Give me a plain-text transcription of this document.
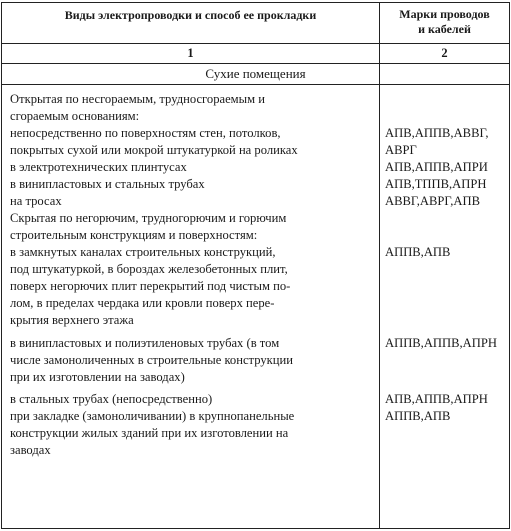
Виды электропроводки и способ ее прокладки	Марки проводов
и кабелей
1	2
Сухие помещения
Открытая по несгораемым, трудносгораемым и
сгораемым основаниям:
непосредственно по поверхностям стен, потолков,
покрытых сухой или мокрой штукатуркой на роликах
в электротехнических плинтусах
в винипластовых и стальных трубах
на тросах
Скрытая по негорючим, трудногорючим и горючим
строительным конструкциям и поверхностям:
в замкнутых каналах строительных конструкций,
под штукатуркой, в бороздах железобетонных плит,
поверх негорючих плит перекрытий под чистым по-
лом, в пределах чердака или кровли поверх пере-
крытия верхнего этажа
в винипластовых и полиэтиленовых трубах (в том
числе замоноличенных в строительные конструкции
при их изготовлении на заводах)
в стальных трубах (непосредственно)
при закладке (замоноличивании) в крупнопанельные
конструкции жилых зданий при их изготовлении на
заводах
АПВ,АППВ,АВВГ,
АВРГ
АПВ,АППВ,АПРИ
АПВ,ТППВ,АПРН
АВВГ,АВРГ,АПВ
АППВ,АПВ
АППВ,АППВ,АПРН
АПВ,АППВ,АПРН
АППВ,АПВ
